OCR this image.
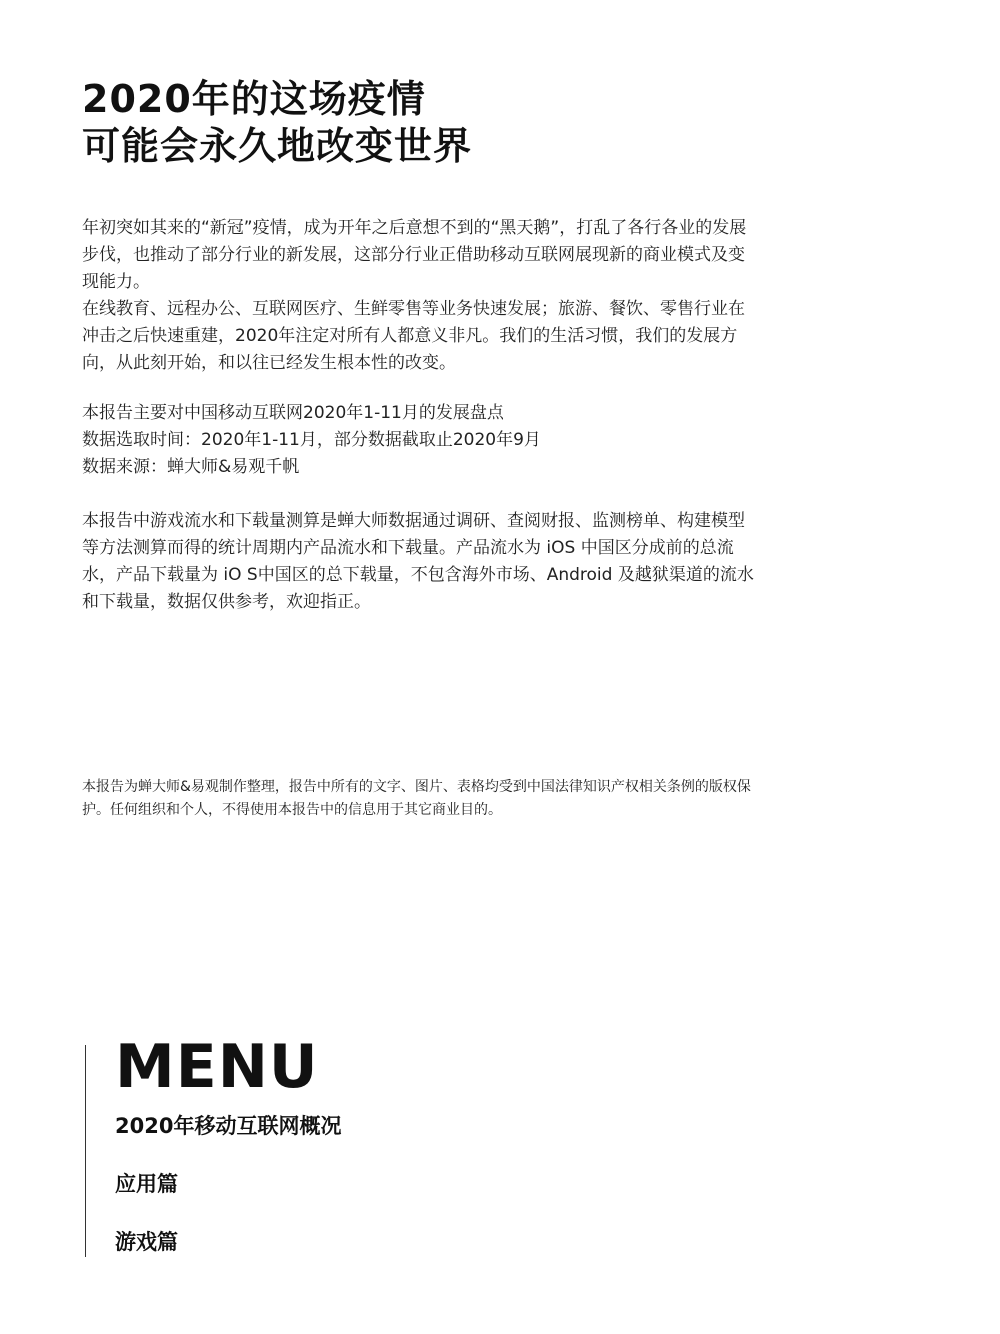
2020年的这场疫情
可能会永久地改变世界

年初突如其来的“新冠”疫情，成为开年之后意想不到的“黑天鹅”，打乱了各行各业的发展步伐，也推动了部分行业的新发展，这部分行业正借助移动互联网展现新的商业模式及变现能力。

在线教育、远程办公、互联网医疗、生鲜零售等业务快速发展；旅游、餐饮、零售行业在冲击之后快速重建，2020年注定对所有人都意义非凡。我们的生活习惯，我们的发展方向，从此刻开始，和以往已经发生根本性的改变。

本报告主要对中国移动互联网2020年1-11月的发展盘点

数据选取时间：2020年1-11月，部分数据截取止2020年9月

数据来源：蝉大师&易观千帆

本报告中游戏流水和下载量测算是蝉大师数据通过调研、查阅财报、监测榜单、构建模型等方法测算而得的统计周期内产品流水和下载量。产品流水为 iOS 中国区分成前的总流水，产品下载量为 iO S中国区的总下载量，不包含海外市场、Android 及越狱渠道的流水和下载量，数据仅供参考，欢迎指正。

本报告为蝉大师&易观制作整理，报告中所有的文字、图片、表格均受到中国法律知识产权相关条例的版权保护。任何组织和个人，不得使用本报告中的信息用于其它商业目的。

MENU
2020年移动互联网概况
应用篇
游戏篇
